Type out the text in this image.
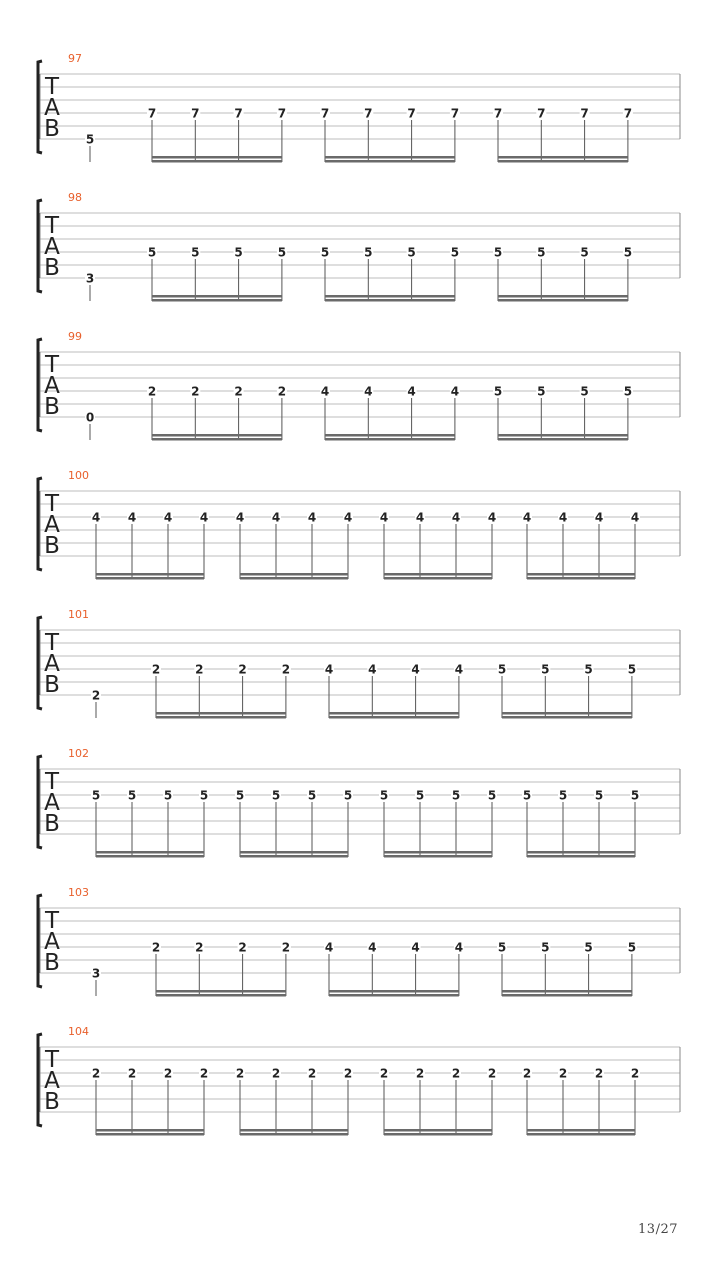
T
A
B
97
5
7	7	7	7	7	7	7	7	7	7	7	7
T
A
B
98
3
5	5	5	5	5	5	5	5	5	5	5	5
T
A
B
99
0
2	2	2	2	4	4	4	4	5	5	5	5
T
A
B
100
4 4 4 4 4 4 4 4 4 4 4 4 4 4 4 4
T
A
B
101
2
2	2	2	2	4	4	4	4	5	5	5	5
T
A
B
102
5 5 5 5 5 5 5 5 5 5 5 5 5 5 5 5
T
A
B
103
3
2	2	2	2	4	4	4	4	5	5	5	5
T
A
B
104
2 2 2 2 2 2 2 2 2 2 2 2 2 2 2 2
13/27
